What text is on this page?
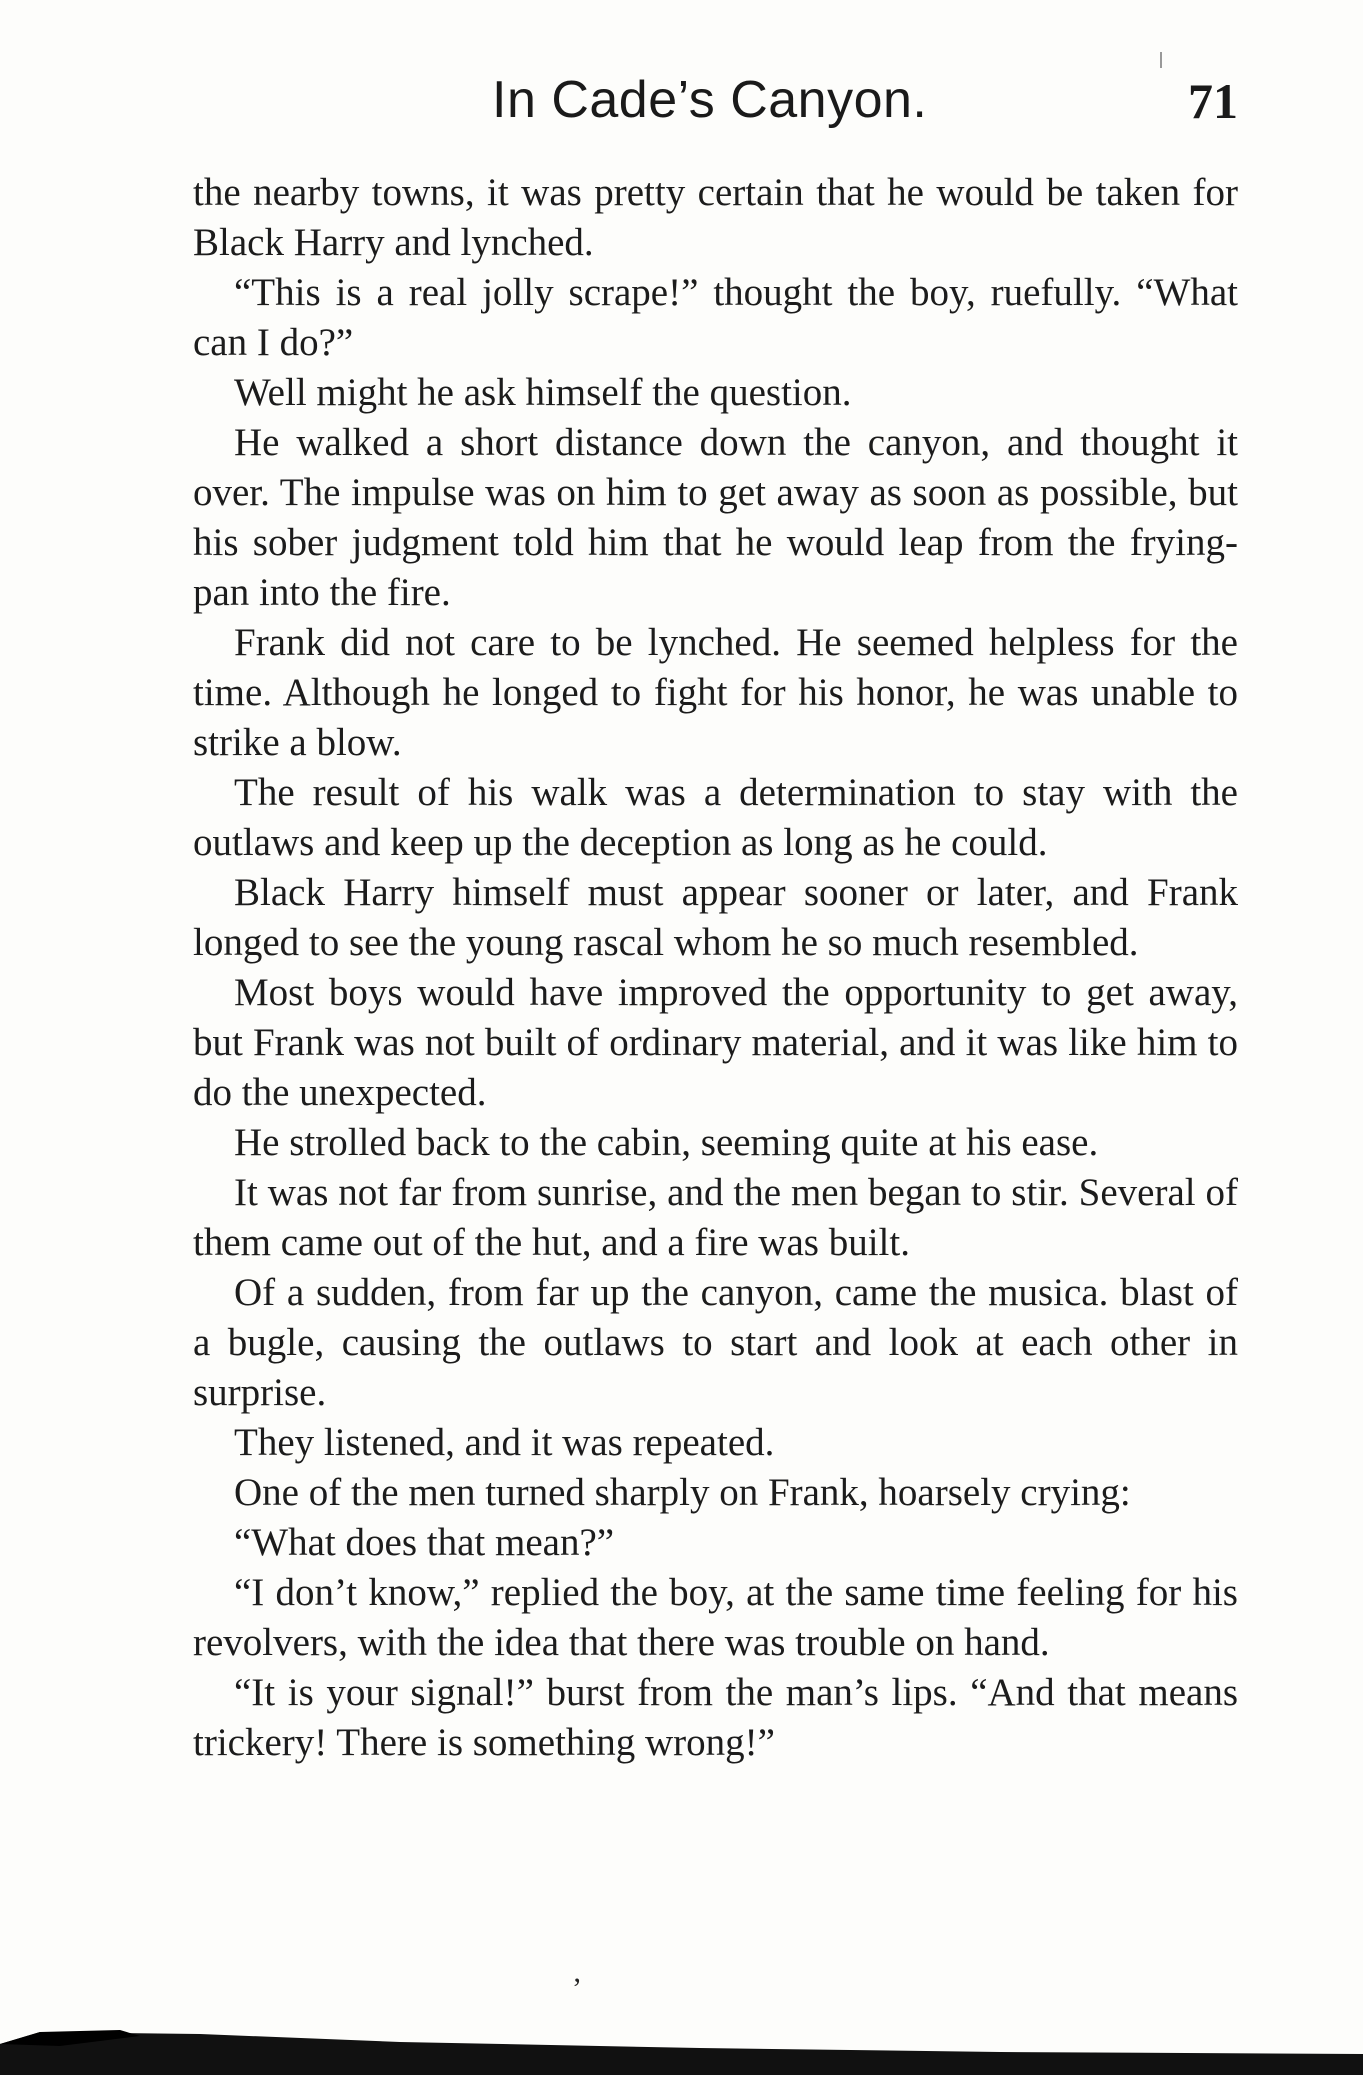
In Cade’s Canyon.	71

the nearby towns, it was pretty certain that he would be taken for Black Harry and lynched.

“This is a real jolly scrape!” thought the boy, ruefully. “What can I do?”

Well might he ask himself the question.

He walked a short distance down the canyon, and thought it over. The impulse was on him to get away as soon as possible, but his sober judgment told him that he would leap from the frying-pan into the fire.

Frank did not care to be lynched. He seemed helpless for the time. Although he longed to fight for his honor, he was unable to strike a blow.

The result of his walk was a determination to stay with the outlaws and keep up the deception as long as he could.

Black Harry himself must appear sooner or later, and Frank longed to see the young rascal whom he so much resembled.

Most boys would have improved the opportunity to get away, but Frank was not built of ordinary material, and it was like him to do the unexpected.

He strolled back to the cabin, seeming quite at his ease.

It was not far from sunrise, and the men began to stir. Several of them came out of the hut, and a fire was built.

Of a sudden, from far up the canyon, came the musica. blast of a bugle, causing the outlaws to start and look at each other in surprise.

They listened, and it was repeated.

One of the men turned sharply on Frank, hoarsely crying:

“What does that mean?”

“I don’t know,” replied the boy, at the same time feeling for his revolvers, with the idea that there was trouble on hand.

“It is your signal!” burst from the man’s lips. “And that means trickery! There is something wrong!”

’
